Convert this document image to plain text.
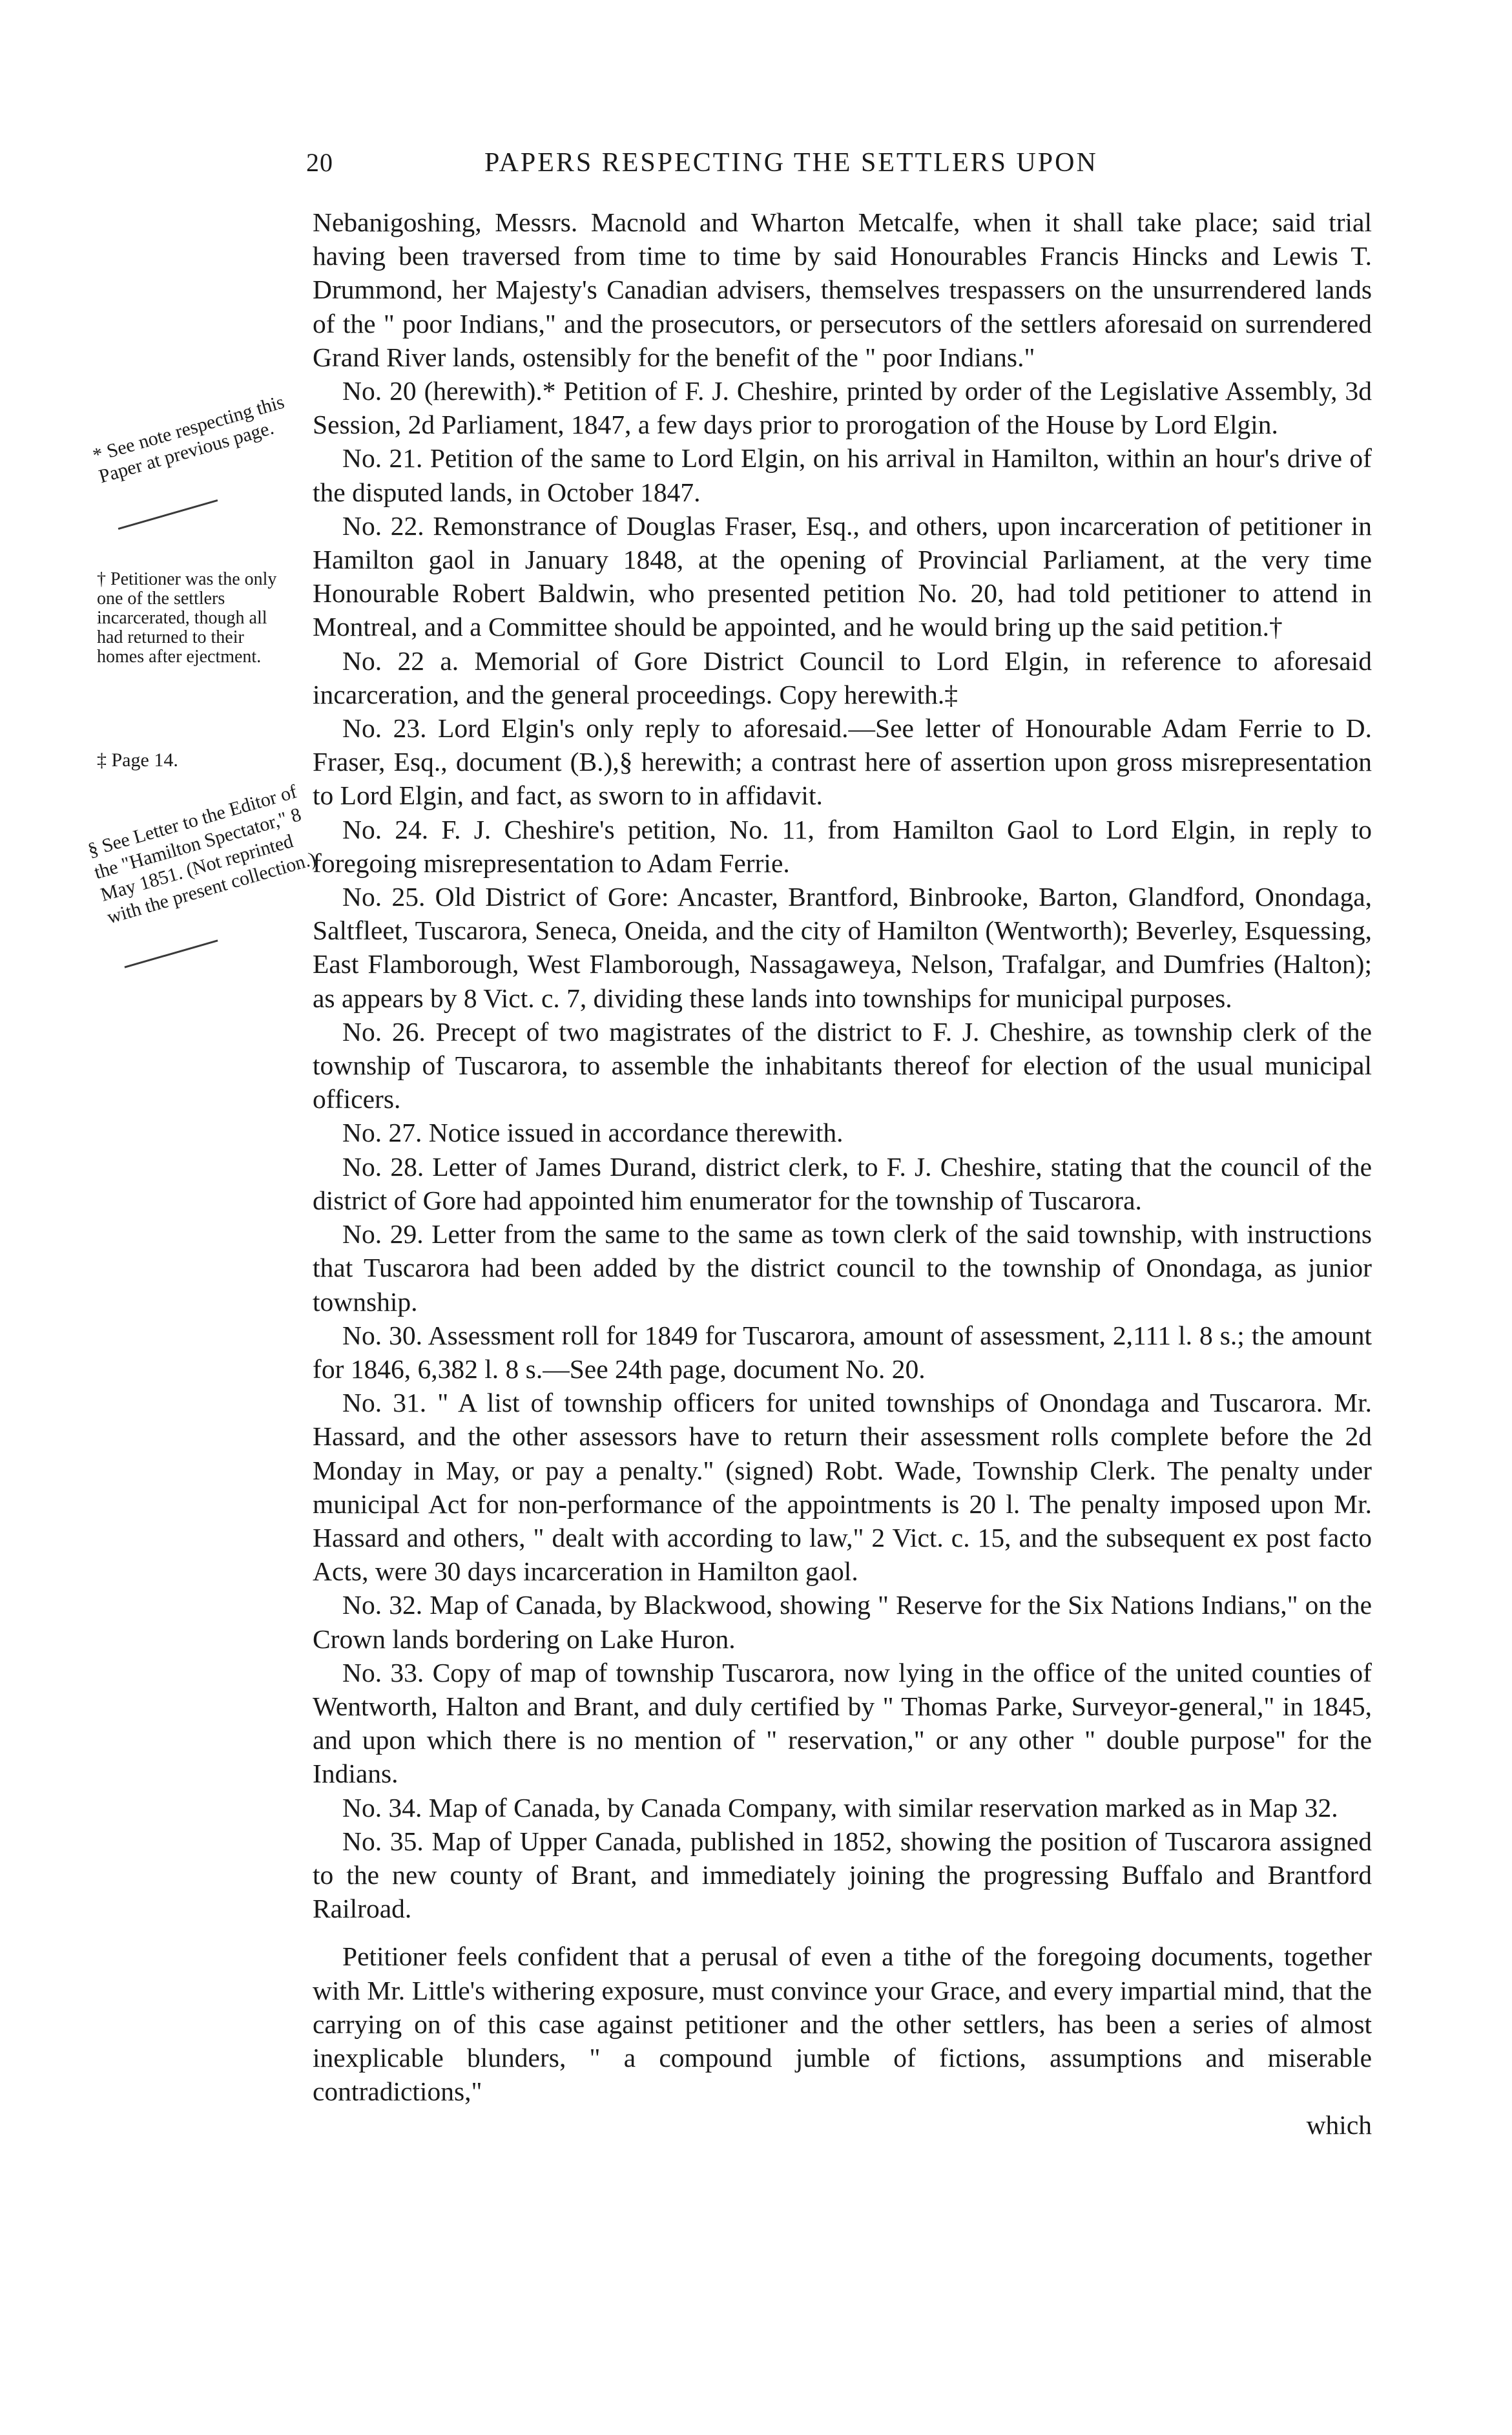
20	PAPERS RESPECTING THE SETTLERS UPON
* See note respecting this Paper at previous page.
† Petitioner was the only one of the settlers incarcerated, though all had returned to their homes after ejectment.
‡ Page 14.
§ See Letter to the Editor of the "Hamilton Spectator," 8 May 1851. (Not reprinted with the present collection.)

Nebanigoshing, Messrs. Macnold and Wharton Metcalfe, when it shall take place; said trial having been traversed from time to time by said Honourables Francis Hincks and Lewis T. Drummond, her Majesty's Canadian advisers, themselves trespassers on the unsurrendered lands of the " poor Indians," and the prosecutors, or persecutors of the settlers aforesaid on surrendered Grand River lands, ostensibly for the benefit of the " poor Indians."

No. 20 (herewith).* Petition of F. J. Cheshire, printed by order of the Legislative Assembly, 3d Session, 2d Parliament, 1847, a few days prior to prorogation of the House by Lord Elgin.

No. 21. Petition of the same to Lord Elgin, on his arrival in Hamilton, within an hour's drive of the disputed lands, in October 1847.

No. 22. Remonstrance of Douglas Fraser, Esq., and others, upon incarceration of petitioner in Hamilton gaol in January 1848, at the opening of Provincial Parliament, at the very time Honourable Robert Baldwin, who presented petition No. 20, had told petitioner to attend in Montreal, and a Committee should be appointed, and he would bring up the said petition.†

No. 22 a. Memorial of Gore District Council to Lord Elgin, in reference to aforesaid incarceration, and the general proceedings. Copy herewith.‡

No. 23. Lord Elgin's only reply to aforesaid.—See letter of Honourable Adam Ferrie to D. Fraser, Esq., document (B.),§ herewith; a contrast here of assertion upon gross misrepresentation to Lord Elgin, and fact, as sworn to in affidavit.

No. 24. F. J. Cheshire's petition, No. 11, from Hamilton Gaol to Lord Elgin, in reply to foregoing misrepresentation to Adam Ferrie.

No. 25. Old District of Gore: Ancaster, Brantford, Binbrooke, Barton, Glandford, Onondaga, Saltfleet, Tuscarora, Seneca, Oneida, and the city of Hamilton (Wentworth); Beverley, Esquessing, East Flamborough, West Flamborough, Nassagaweya, Nelson, Trafalgar, and Dumfries (Halton); as appears by 8 Vict. c. 7, dividing these lands into townships for municipal purposes.

No. 26. Precept of two magistrates of the district to F. J. Cheshire, as township clerk of the township of Tuscarora, to assemble the inhabitants thereof for election of the usual municipal officers.

No. 27. Notice issued in accordance therewith.

No. 28. Letter of James Durand, district clerk, to F. J. Cheshire, stating that the council of the district of Gore had appointed him enumerator for the township of Tuscarora.

No. 29. Letter from the same to the same as town clerk of the said township, with instructions that Tuscarora had been added by the district council to the township of Onondaga, as junior township.

No. 30. Assessment roll for 1849 for Tuscarora, amount of assessment, 2,111 l. 8 s.; the amount for 1846, 6,382 l. 8 s.—See 24th page, document No. 20.

No. 31. " A list of township officers for united townships of Onondaga and Tuscarora. Mr. Hassard, and the other assessors have to return their assessment rolls complete before the 2d Monday in May, or pay a penalty." (signed) Robt. Wade, Township Clerk. The penalty under municipal Act for non-performance of the appointments is 20 l. The penalty imposed upon Mr. Hassard and others, " dealt with according to law," 2 Vict. c. 15, and the subsequent ex post facto Acts, were 30 days incarceration in Hamilton gaol.

No. 32. Map of Canada, by Blackwood, showing " Reserve for the Six Nations Indians," on the Crown lands bordering on Lake Huron.

No. 33. Copy of map of township Tuscarora, now lying in the office of the united counties of Wentworth, Halton and Brant, and duly certified by " Thomas Parke, Surveyor-general," in 1845, and upon which there is no mention of " reservation," or any other " double purpose" for the Indians.

No. 34. Map of Canada, by Canada Company, with similar reservation marked as in Map 32.

No. 35. Map of Upper Canada, published in 1852, showing the position of Tuscarora assigned to the new county of Brant, and immediately joining the progressing Buffalo and Brantford Railroad.

Petitioner feels confident that a perusal of even a tithe of the foregoing documents, together with Mr. Little's withering exposure, must convince your Grace, and every impartial mind, that the carrying on of this case against petitioner and the other settlers, has been a series of almost inexplicable blunders, " a compound jumble of fictions, assumptions and miserable contradictions,"

which
